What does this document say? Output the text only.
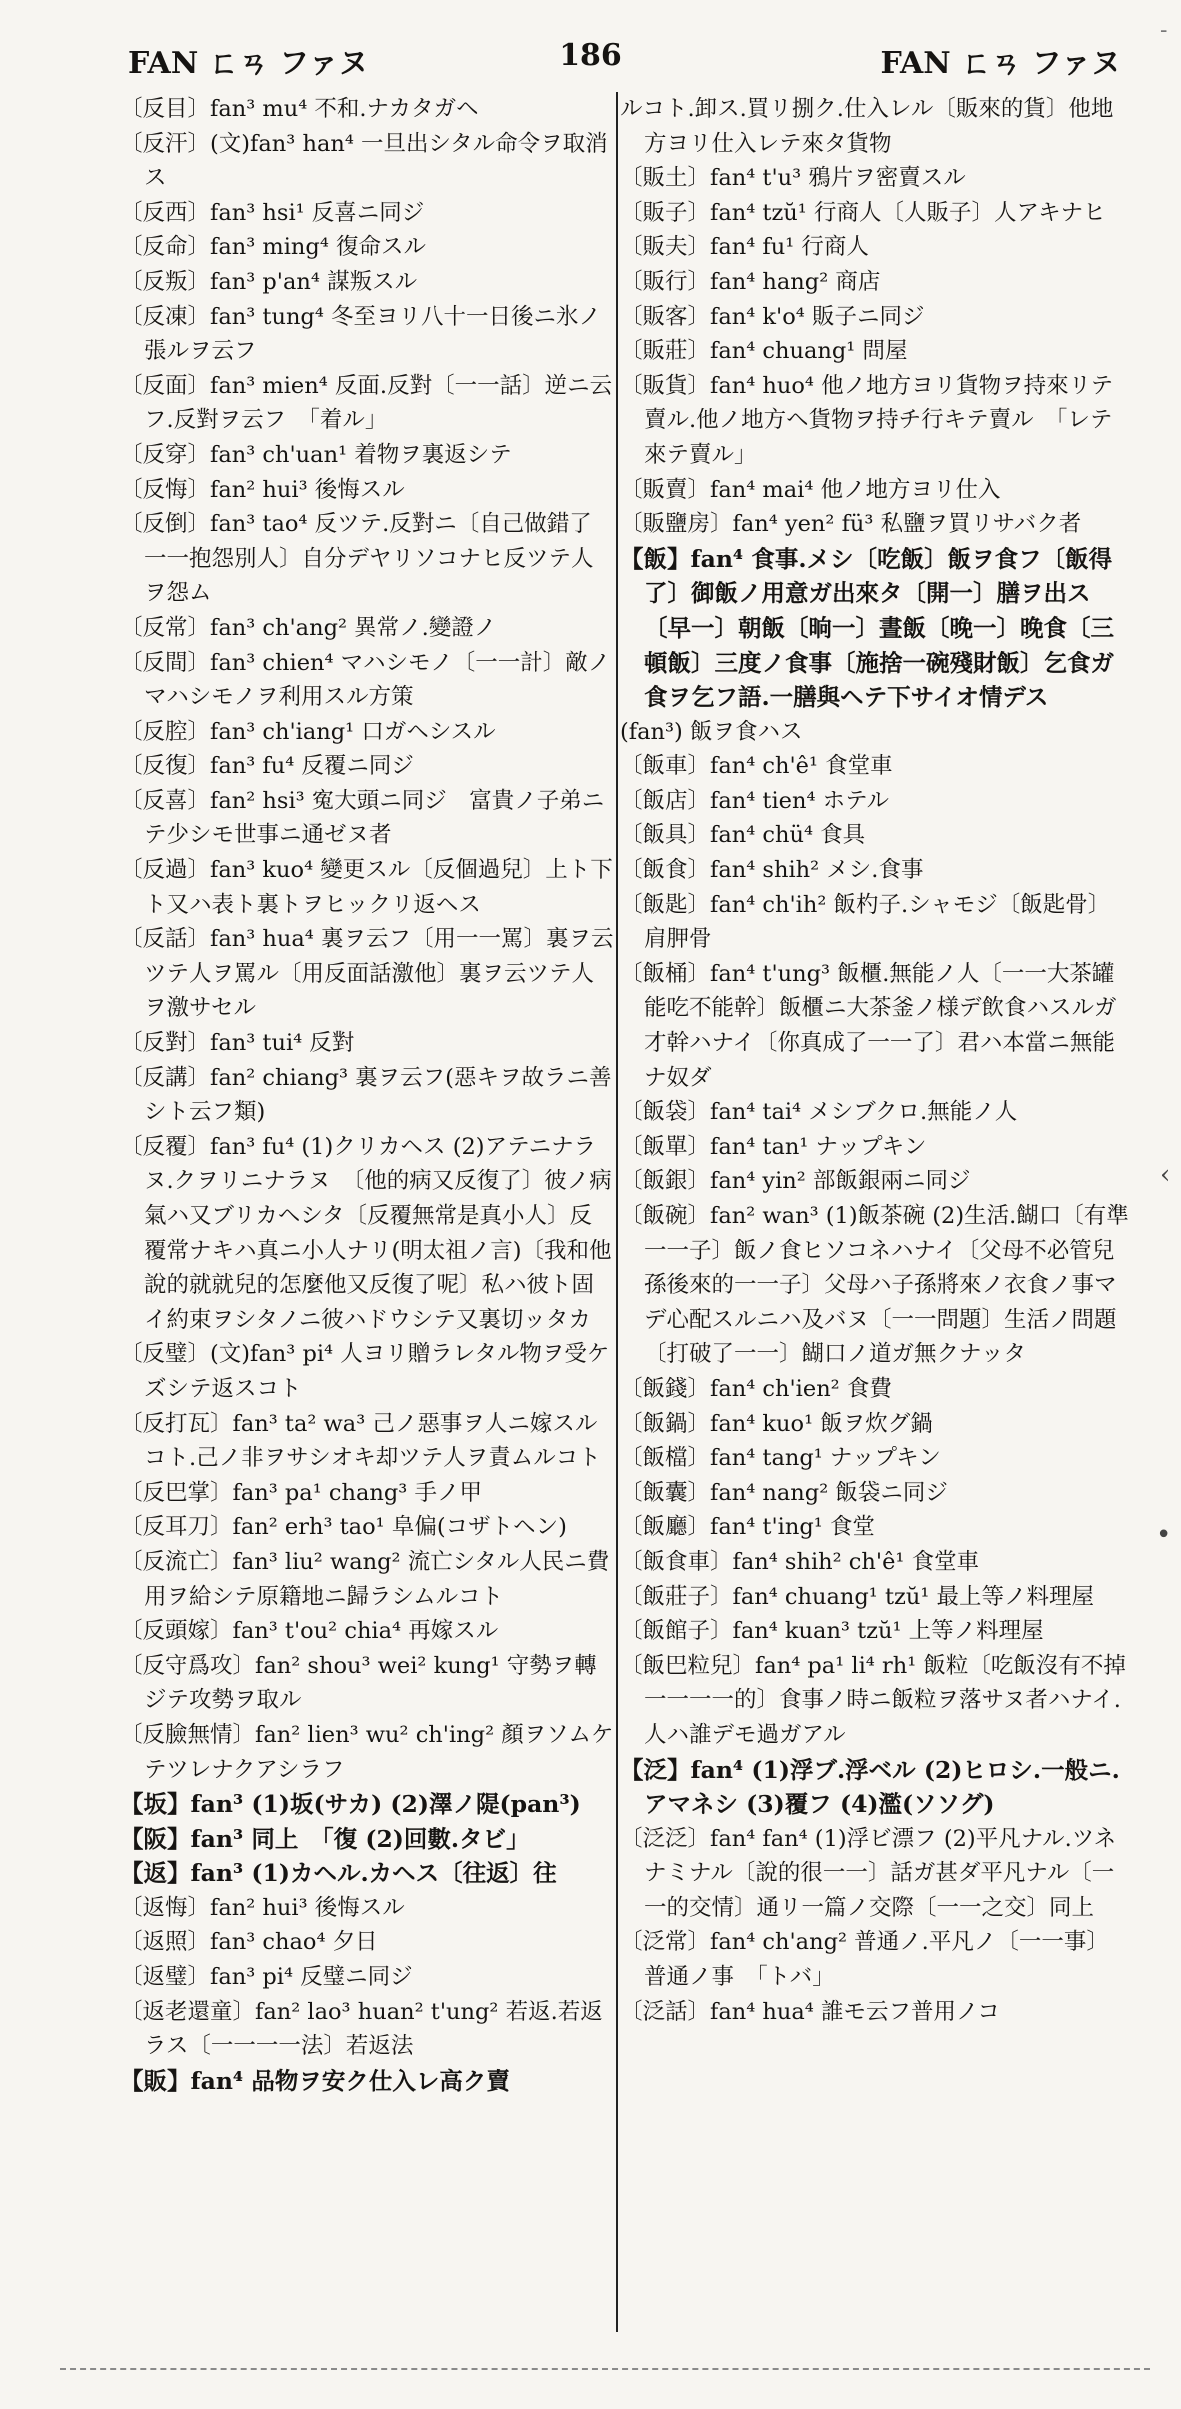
FAN ㄈㄢ ファヌ	186	FAN ㄈㄢ ファヌ
-

〔反目〕fan³ mu⁴ 不和.ナカタガヘ

〔反汗〕(文)fan³ han⁴ 一旦出シタル命令ヲ取消ス

〔反西〕fan³ hsi¹ 反喜ニ同ジ

〔反命〕fan³ ming⁴ 復命スル

〔反叛〕fan³ p'an⁴ 謀叛スル

〔反凍〕fan³ tung⁴ 冬至ヨリ八十一日後ニ氷ノ張ルヲ云フ

〔反面〕fan³ mien⁴ 反面.反對〔一一話〕逆ニ云フ.反對ヲ云フ　「着ル」

〔反穿〕fan³ ch'uan¹ 着物ヲ裏返シテ

〔反悔〕fan² hui³ 後悔スル

〔反倒〕fan³ tao⁴ 反ツテ.反對ニ〔自己做錯了一一抱怨別人〕自分デヤリソコナヒ反ツテ人ヲ怨ム

〔反常〕fan³ ch'ang² 異常ノ.變證ノ

〔反間〕fan³ chien⁴ マハシモノ〔一一計〕敵ノマハシモノヲ利用スル方策

〔反腔〕fan³ ch'iang¹ 口ガヘシスル

〔反復〕fan³ fu⁴ 反覆ニ同ジ

〔反喜〕fan² hsi³ 寃大頭ニ同ジ　富貴ノ子弟ニテ少シモ世事ニ通ゼヌ者

〔反過〕fan³ kuo⁴ 變更スル〔反個過兒〕上ト下ト又ハ表ト裏トヲヒックリ返ヘス

〔反話〕fan³ hua⁴ 裏ヲ云フ〔用一一罵〕裏ヲ云ツテ人ヲ罵ル〔用反面話激他〕裏ヲ云ツテ人ヲ激サセル

〔反對〕fan³ tui⁴ 反對

〔反講〕fan² chiang³ 裏ヲ云フ(惡キヲ故ラニ善シト云フ類)

〔反覆〕fan³ fu⁴ (1)クリカヘス (2)アテニナラヌ.クヲリニナラヌ　〔他的病又反復了〕彼ノ病氣ハ又ブリカヘシタ〔反覆無常是真小人〕反覆常ナキハ真ニ小人ナリ(明太祖ノ言)〔我和他說的就就兒的怎麼他又反復了呢〕私ハ彼ト固イ約束ヲシタノニ彼ハドウシテ又裏切ッタカ

〔反璧〕(文)fan³ pi⁴ 人ヨリ贈ラレタル物ヲ受ケズシテ返スコト

〔反打瓦〕fan³ ta² wa³ 己ノ惡事ヲ人ニ嫁スルコト.己ノ非ヲサシオキ却ツテ人ヲ責ムルコト

〔反巴掌〕fan³ pa¹ chang³ 手ノ甲

〔反耳刀〕fan² erh³ tao¹ 阜偏(コザトヘン)

〔反流亡〕fan³ liu² wang² 流亡シタル人民ニ費用ヲ給シテ原籍地ニ歸ラシムルコト

〔反頭嫁〕fan³ t'ou² chia⁴ 再嫁スル

〔反守爲攻〕fan² shou³ wei² kung¹ 守勢ヲ轉ジテ攻勢ヲ取ル

〔反臉無情〕fan² lien³ wu² ch'ing² 顏ヲソムケテツレナクアシラフ

【坂】fan³ (1)坂(サカ) (2)澤ノ隄(pan³)

【阪】fan³ 同上　「復 (2)回數.タビ」

【返】fan³ (1)カヘル.カヘス〔往返〕往

〔返悔〕fan² hui³ 後悔スル

〔返照〕fan³ chao⁴ 夕日

〔返璧〕fan³ pi⁴ 反璧ニ同ジ

〔返老還童〕fan² lao³ huan² t'ung² 若返.若返ラス〔一一一一法〕若返法

【販】fan⁴ 品物ヲ安ク仕入レ高ク賣

ルコト.卸ス.買リ捌ク.仕入レル〔販來的貨〕他地方ヨリ仕入レテ來タ貨物

〔販土〕fan⁴ t'u³ 鴉片ヲ密賣スル

〔販子〕fan⁴ tzŭ¹ 行商人〔人販子〕人アキナヒ

〔販夫〕fan⁴ fu¹ 行商人

〔販行〕fan⁴ hang² 商店

〔販客〕fan⁴ k'o⁴ 販子ニ同ジ

〔販莊〕fan⁴ chuang¹ 問屋

〔販貨〕fan⁴ huo⁴ 他ノ地方ヨリ貨物ヲ持來リテ賣ル.他ノ地方ヘ貨物ヲ持チ行キテ賣ル　「レテ來テ賣ル」

〔販賣〕fan⁴ mai⁴ 他ノ地方ヨリ仕入

〔販鹽房〕fan⁴ yen² fü³ 私鹽ヲ買リサバク者

【飯】fan⁴ 食事.メシ〔吃飯〕飯ヲ食フ〔飯得了〕御飯ノ用意ガ出來タ〔開一〕膳ヲ出ス〔早一〕朝飯〔晌一〕晝飯〔晚一〕晚食〔三頓飯〕三度ノ食事〔施捨一碗殘財飯〕乞食ガ食ヲ乞フ語.一膳與ヘテ下サイオ情デス

(fan³) 飯ヲ食ハス

〔飯車〕fan⁴ ch'ê¹ 食堂車

〔飯店〕fan⁴ tien⁴ ホテル

〔飯具〕fan⁴ chü⁴ 食具

〔飯食〕fan⁴ shih² メシ.食事

〔飯匙〕fan⁴ ch'ih² 飯杓子.シャモジ〔飯匙骨〕肩胛骨

〔飯桶〕fan⁴ t'ung³ 飯櫃.無能ノ人〔一一大茶罐能吃不能幹〕飯櫃ニ大茶釜ノ様デ飲食ハスルガ才幹ハナイ〔你真成了一一了〕君ハ本當ニ無能ナ奴ダ

〔飯袋〕fan⁴ tai⁴ メシブクロ.無能ノ人

〔飯單〕fan⁴ tan¹ ナップキン

〔飯銀〕fan⁴ yin² 部飯銀兩ニ同ジ

〔飯碗〕fan² wan³ (1)飯茶碗 (2)生活.餬口〔有準一一子〕飯ノ食ヒソコネハナイ〔父母不必管兒孫後來的一一子〕父母ハ子孫將來ノ衣食ノ事マデ心配スルニハ及バヌ〔一一問題〕生活ノ問題〔打破了一一〕餬口ノ道ガ無クナッタ

〔飯錢〕fan⁴ ch'ien² 食費

〔飯鍋〕fan⁴ kuo¹ 飯ヲ炊グ鍋

〔飯檔〕fan⁴ tang¹ ナップキン

〔飯囊〕fan⁴ nang² 飯袋ニ同ジ

〔飯廳〕fan⁴ t'ing¹ 食堂

〔飯食車〕fan⁴ shih² ch'ê¹ 食堂車

〔飯莊子〕fan⁴ chuang¹ tzŭ¹ 最上等ノ料理屋

〔飯館子〕fan⁴ kuan³ tzŭ¹ 上等ノ料理屋

〔飯巴粒兒〕fan⁴ pa¹ li⁴ rh¹ 飯粒〔吃飯沒有不掉一一一一的〕食事ノ時ニ飯粒ヲ落サヌ者ハナイ.人ハ誰デモ過ガアル

【泛】fan⁴ (1)浮ブ.浮ベル (2)ヒロシ.一般ニ.アマネシ (3)覆フ (4)濫(ソソグ)

〔泛泛〕fan⁴ fan⁴ (1)浮ビ漂フ (2)平凡ナル.ツネナミナル〔說的很一一〕話ガ甚ダ平凡ナル〔一一的交情〕通リ一篇ノ交際〔一一之交〕同上

〔泛常〕fan⁴ ch'ang² 普通ノ.平凡ノ〔一一事〕普通ノ事　「トバ」

〔泛話〕fan⁴ hua⁴ 誰モ云フ普用ノコ

‹
•
